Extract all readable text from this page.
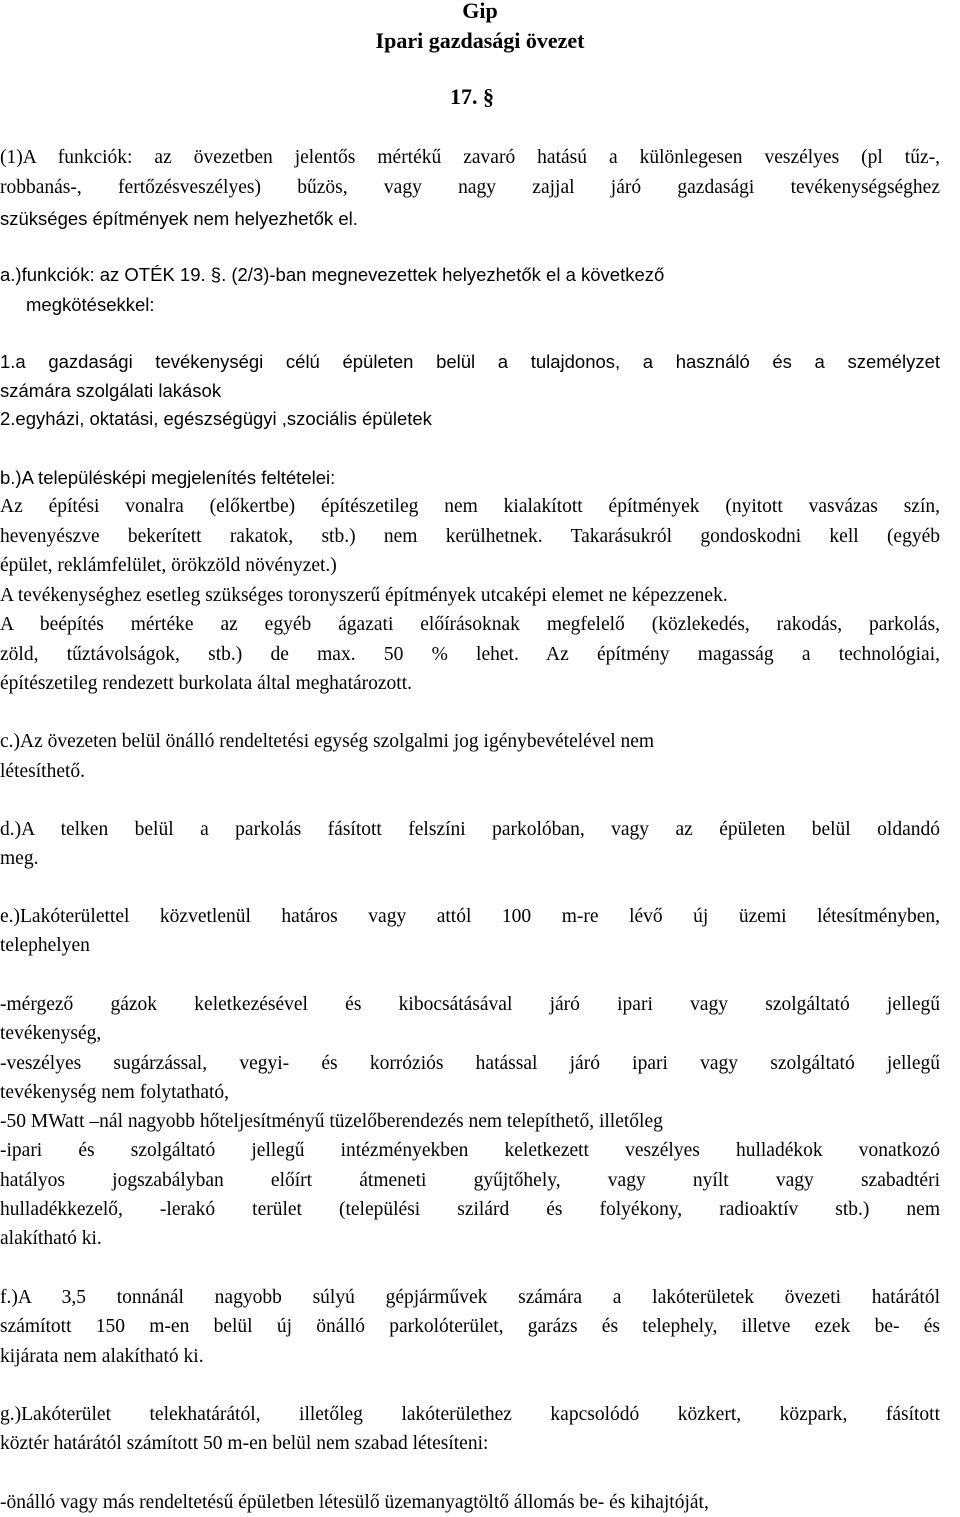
Gip
Ipari gazdasági övezet
17. §
(1)A funkciók: az övezetben jelentős mértékű zavaró hatású a különlegesen veszélyes (pl tűz-,
robbanás-, fertőzésveszélyes) bűzös, vagy nagy zajjal járó gazdasági tevékenységséghez
szükséges építmények nem helyezhetők el.
a.)funkciók: az OTÉK 19. §. (2/3)-ban megnevezettek helyezhetők el a következő
megkötésekkel:
1.a gazdasági tevékenységi célú épületen belül a tulajdonos, a használó és a személyzet
számára szolgálati lakások
2.egyházi, oktatási, egészségügyi ,szociális épületek
b.)A településképi megjelenítés feltételei:
Az építési vonalra (előkertbe) építészetileg nem kialakított építmények (nyitott vasvázas szín,
hevenyészve bekerített rakatok, stb.) nem kerülhetnek. Takarásukról gondoskodni kell (egyéb
épület, reklámfelület, örökzöld növényzet.)
A tevékenységhez esetleg szükséges toronyszerű építmények utcaképi elemet ne képezzenek.
A beépítés mértéke az egyéb ágazati előírásoknak megfelelő (közlekedés, rakodás, parkolás,
zöld, tűztávolságok, stb.) de max. 50 % lehet. Az építmény magasság a technológiai,
építészetileg rendezett burkolata által meghatározott.
c.)Az övezeten belül önálló rendeltetési egység szolgalmi jog igénybevételével nem
létesíthető.
d.)A telken belül a parkolás fásított felszíni parkolóban, vagy az épületen belül oldandó
meg.
e.)Lakóterülettel közvetlenül határos vagy attól 100 m-re lévő új üzemi létesítményben,
telephelyen
-mérgező gázok keletkezésével és kibocsátásával járó ipari vagy szolgáltató jellegű
tevékenység,
-veszélyes sugárzással, vegyi- és korróziós hatással járó ipari vagy szolgáltató jellegű
tevékenység nem folytatható,
-50 MWatt –nál nagyobb hőteljesítményű tüzelőberendezés nem telepíthető, illetőleg
-ipari és szolgáltató jellegű intézményekben keletkezett veszélyes hulladékok vonatkozó
hatályos jogszabályban előírt átmeneti gyűjtőhely, vagy nyílt vagy szabadtéri
hulladékkezelő, -lerakó terület (települési szilárd és folyékony, radioaktív stb.) nem
alakítható ki.
f.)A 3,5 tonnánál nagyobb súlyú gépjárművek számára a lakóterületek övezeti határától
számított 150 m-en belül új önálló parkolóterület, garázs és telephely, illetve ezek be- és
kijárata nem alakítható ki.
g.)Lakóterület telekhatárától, illetőleg lakóterülethez kapcsolódó közkert, közpark, fásított
köztér határától számított 50 m-en belül nem szabad létesíteni:
-önálló vagy más rendeltetésű épületben létesülő üzemanyagtöltő állomás be- és kihajtóját,
